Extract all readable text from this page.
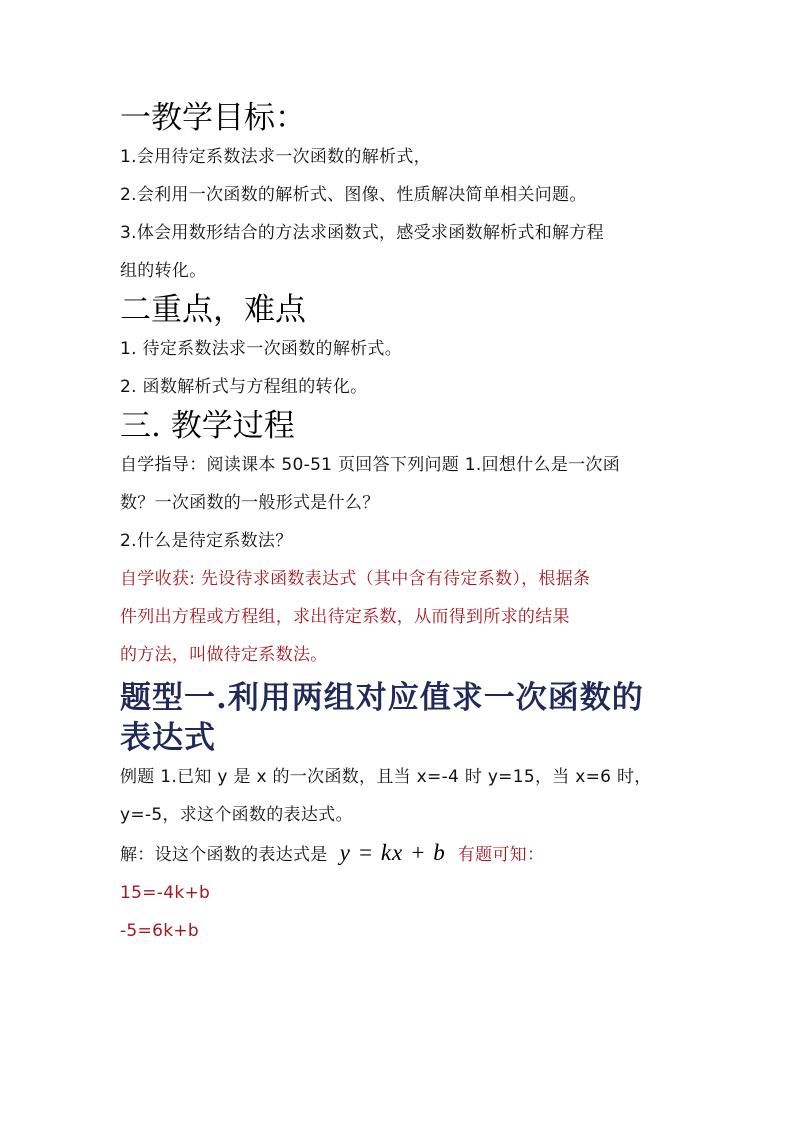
一教学目标：

1.会用待定系数法求一次函数的解析式，

2.会利用一次函数的解析式、图像、性质解决简单相关问题。

3.体会用数形结合的方法求函数式，感受求函数解析式和解方程

组的转化。

二重点，难点

1. 待定系数法求一次函数的解析式。

2. 函数解析式与方程组的转化。

三. 教学过程

自学指导：阅读课本 50-51 页回答下列问题 1.回想什么是一次函

数？一次函数的一般形式是什么？

2.什么是待定系数法？

自学收获: 先设待求函数表达式（其中含有待定系数），根据条

件列出方程或方程组，求出待定系数，从而得到所求的结果

的方法，叫做待定系数法。

题型一.利用两组对应值求一次函数的
表达式

例题 1.已知 y 是 x 的一次函数，且当 x=-4 时 y=15，当 x=6 时，

y=-5，求这个函数的表达式。

解：设这个函数的表达式是 y = kx + b 有题可知：

15=-4k+b

-5=6k+b
